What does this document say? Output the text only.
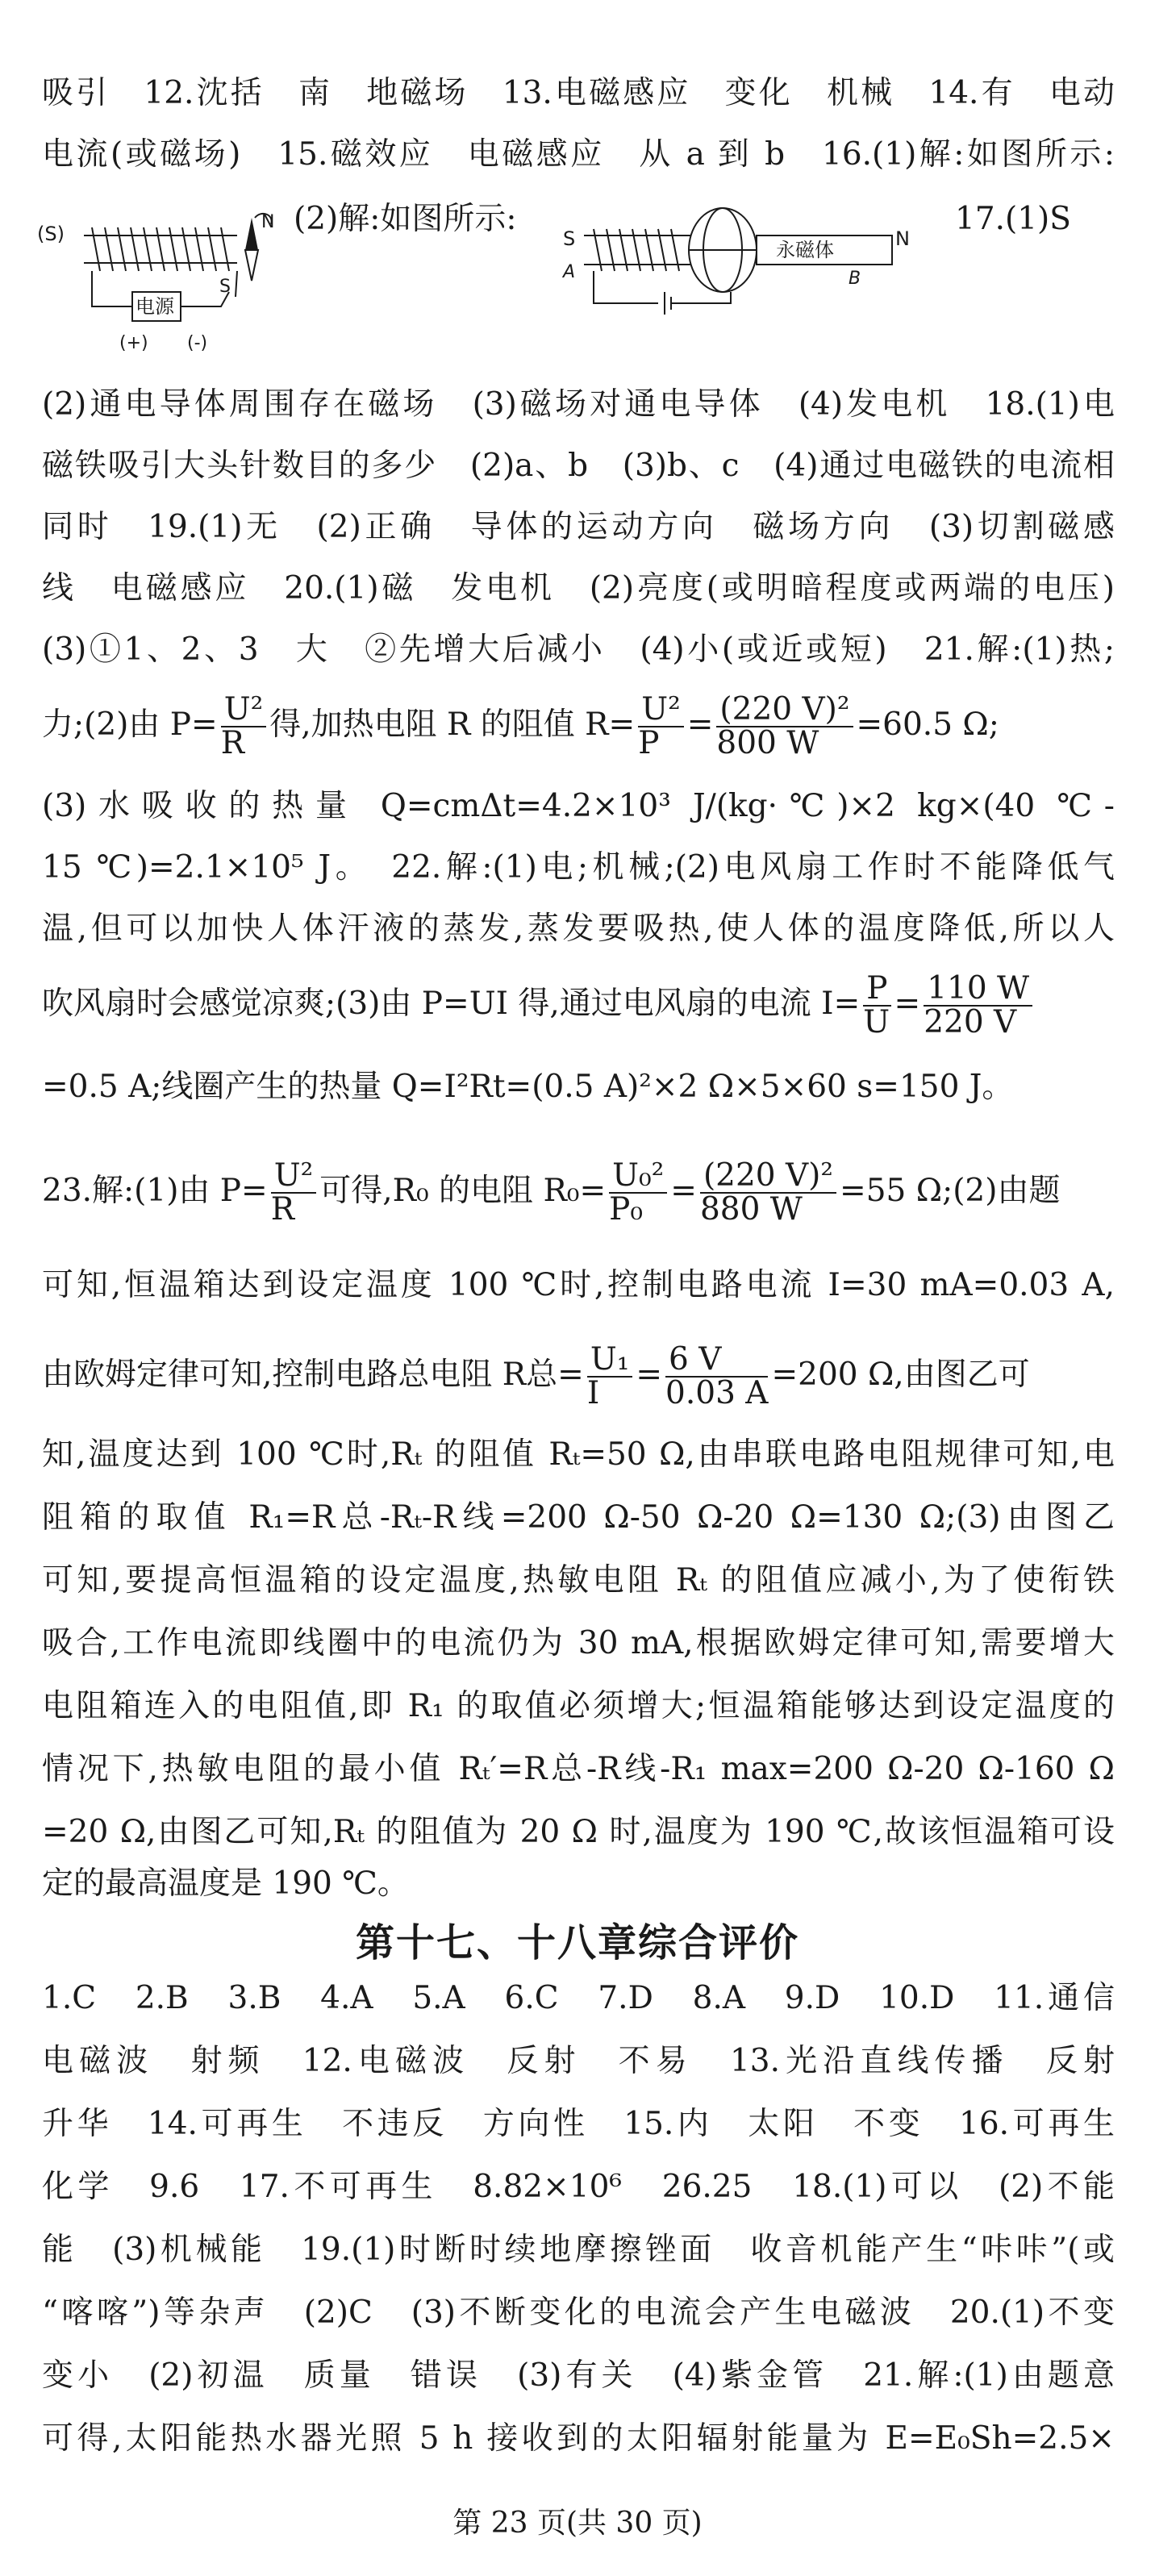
吸引　12.沈括　南　地磁场　13.电磁感应　变化　机械　14.有　电动
电流(或磁场)　15.磁效应　电磁感应　从 a 到 b　16.(1)解:如图所示:
(S)
N
S
电源
(+) (-)
(2)解:如图所示:
S
A
永磁体	N
B
17.(1)S
(2)通电导体周围存在磁场　(3)磁场对通电导体　(4)发电机　18.(1)电
磁铁吸引大头针数目的多少　(2)a、b　(3)b、c　(4)通过电磁铁的电流相
同时　19.(1)无　(2)正确　导体的运动方向　磁场方向　(3)切割磁感
线　电磁感应　20.(1)磁　发电机　(2)亮度(或明暗程度或两端的电压)
(3)①1、2、3　大　②先增大后减小　(4)小(或近或短)　21.解:(1)热;
力;(2)由 $P= \frac{\text{U²}}{R}$ 得,加热电阻 R 的阻值 $R= \frac{\text{U²}}{P} = \frac{\text{(220 V)²}}{800 W} =60.5$ Ω;
(3)水吸收的热量 Q=cmΔt=4.2×10³ J/(kg·℃)×2 kg×(40 ℃-
15 ℃)=2.1×10⁵ J。　22.解:(1)电;机械;(2)电风扇工作时不能降低气
温,但可以加快人体汗液的蒸发,蒸发要吸热,使人体的温度降低,所以人
吹风扇时会感觉凉爽;(3)由 P=UI 得,通过电风扇的电流 $I= \frac{P}{U} = \frac{110 W}{220 V}$
=0.5 A;线圈产生的热量 Q=I²Rt=(0.5 A)²×2 Ω×5×60 s=150 J。
23.解:(1)由 $P= \frac{\text{U²}}{R}$ 可得,R₀ 的电阻 $R_0= \frac{\text{U₀²}}{\text{P₀}} = \frac{\text{(220 V)²}}{880 W} =55$ Ω;(2)由题
可知,恒温箱达到设定温度 100 ℃时,控制电路电流 I=30 mA=0.03 A,
由欧姆定律可知,控制电路总电阻 R总= $\frac{\text{U₁}}{I} = \frac{6 V}{0.03 A} =200$ Ω,由图乙可
知,温度达到 100 ℃时,Rₜ 的阻值 Rₜ=50 Ω,由串联电路电阻规律可知,电
阻箱的取值 R₁=R总-Rₜ-R线=200 Ω-50 Ω-20 Ω=130 Ω;(3)由图乙
可知,要提高恒温箱的设定温度,热敏电阻 Rₜ 的阻值应减小,为了使衔铁
吸合,工作电流即线圈中的电流仍为 30 mA,根据欧姆定律可知,需要增大
电阻箱连入的电阻值,即 R₁ 的取值必须增大;恒温箱能够达到设定温度的
情况下,热敏电阻的最小值 Rₜ′=R总-R线-R₁ max=200 Ω-20 Ω-160 Ω
=20 Ω,由图乙可知,Rₜ 的阻值为 20 Ω 时,温度为 190 ℃,故该恒温箱可设
定的最高温度是 190 ℃。
第十七、十八章综合评价
1.C　2.B　3.B　4.A　5.A　6.C　7.D　8.A　9.D　10.D　11.通信
电磁波　射频　12.电磁波　反射　不易　13.光沿直线传播　反射
升华　14.可再生　不违反　方向性　15.内　太阳　不变　16.可再生
化学　9.6　17.不可再生　8.82×10⁶　26.25　18.(1)可以　(2)不能
能　(3)机械能　19.(1)时断时续地摩擦锉面　收音机能产生“咔咔”(或
“喀喀”)等杂声　(2)C　(3)不断变化的电流会产生电磁波　20.(1)不变
变小　(2)初温　质量　错误　(3)有关　(4)紫金管　21.解:(1)由题意
可得,太阳能热水器光照 5 h 接收到的太阳辐射能量为 E=E₀Sh=2.5×
第 23 页(共 30 页)
